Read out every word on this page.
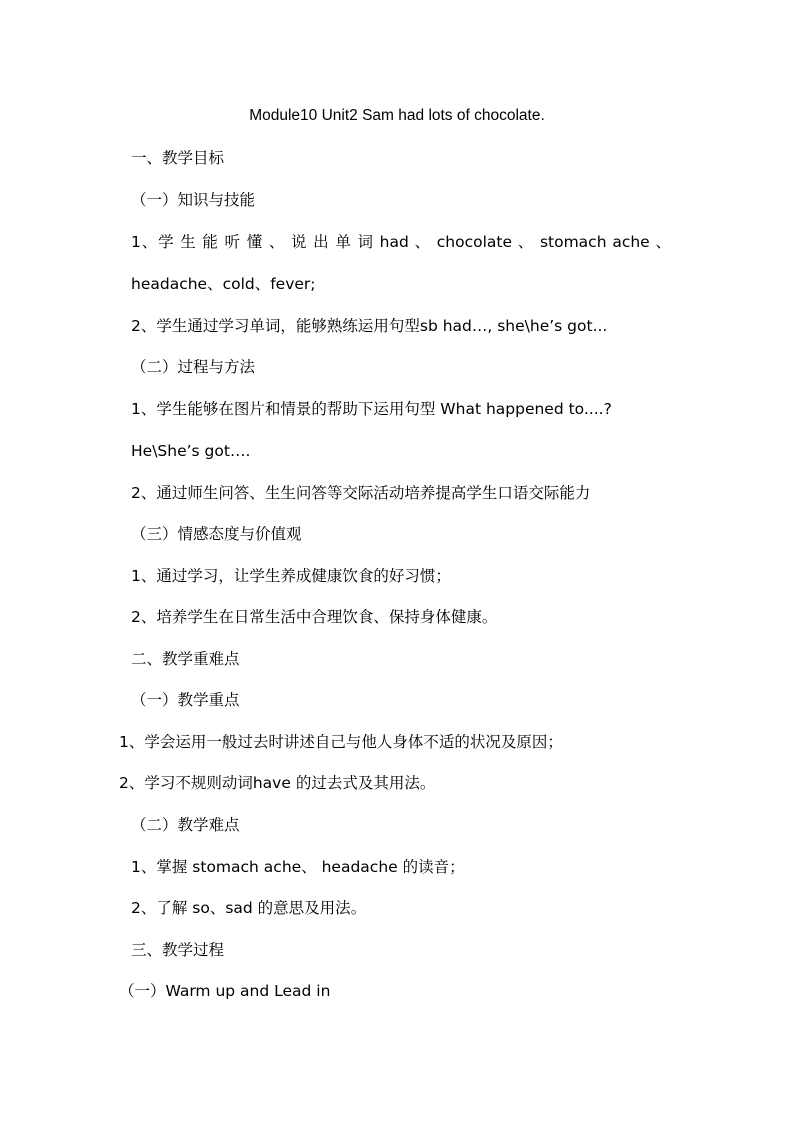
Module10 Unit2 Sam had lots of chocolate.
一、教学目标
（一）知识与技能
1、学 生 能 听 懂 、 说 出 单 词 had 、 chocolate 、 stomach ache 、
headache、cold、fever;
2、学生通过学习单词，能够熟练运用句型sb had…, she\he’s got...
（二）过程与方法
1、学生能够在图片和情景的帮助下运用句型 What happened to....?
He\She’s got….
2、通过师生问答、生生问答等交际活动培养提高学生口语交际能力
（三）情感态度与价值观
1、通过学习，让学生养成健康饮食的好习惯；
2、培养学生在日常生活中合理饮食、保持身体健康。
二、教学重难点
（一）教学重点
1、学会运用一般过去时讲述自己与他人身体不适的状况及原因；
2、学习不规则动词have 的过去式及其用法。
（二）教学难点
1、掌握 stomach ache、 headache 的读音；
2、了解 so、sad 的意思及用法。
三、教学过程
（一）Warm up and Lead in
